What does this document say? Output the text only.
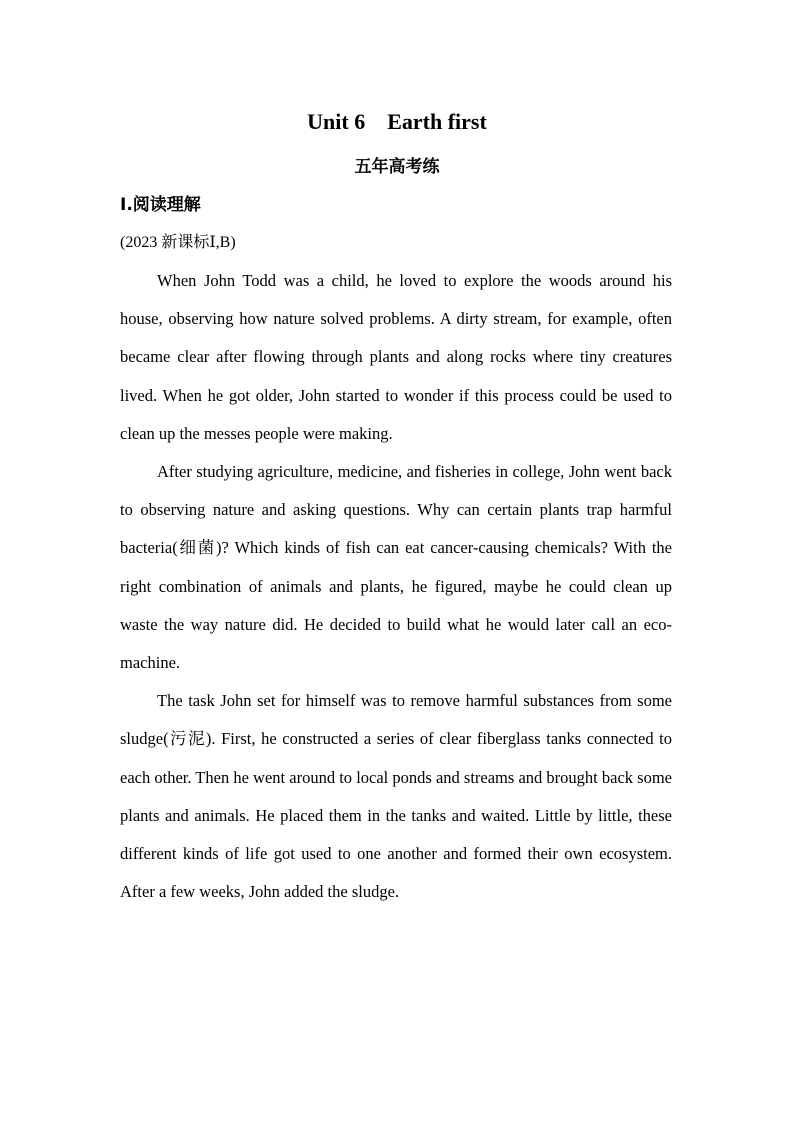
Unit 6    Earth first
五年高考练
Ⅰ.阅读理解
(2023 新课标Ⅰ,B)

When John Todd was a child, he loved to explore the woods around his house, observing how nature solved problems. A dirty stream, for example, often became clear after flowing through plants and along rocks where tiny creatures lived. When he got older, John started to wonder if this process could be used to clean up the messes people were making.

After studying agriculture, medicine, and fisheries in college, John went back to observing nature and asking questions. Why can certain plants trap harmful bacteria(细菌)? Which kinds of fish can eat cancer-causing chemicals? With the right combination of animals and plants, he figured, maybe he could clean up waste the way nature did. He decided to build what he would later call an eco-machine.

The task John set for himself was to remove harmful substances from some sludge(污泥). First, he constructed a series of clear fiberglass tanks connected to each other. Then he went around to local ponds and streams and brought back some plants and animals. He placed them in the tanks and waited. Little by little, these different kinds of life got used to one another and formed their own ecosystem. After a few weeks, John added the sludge.
